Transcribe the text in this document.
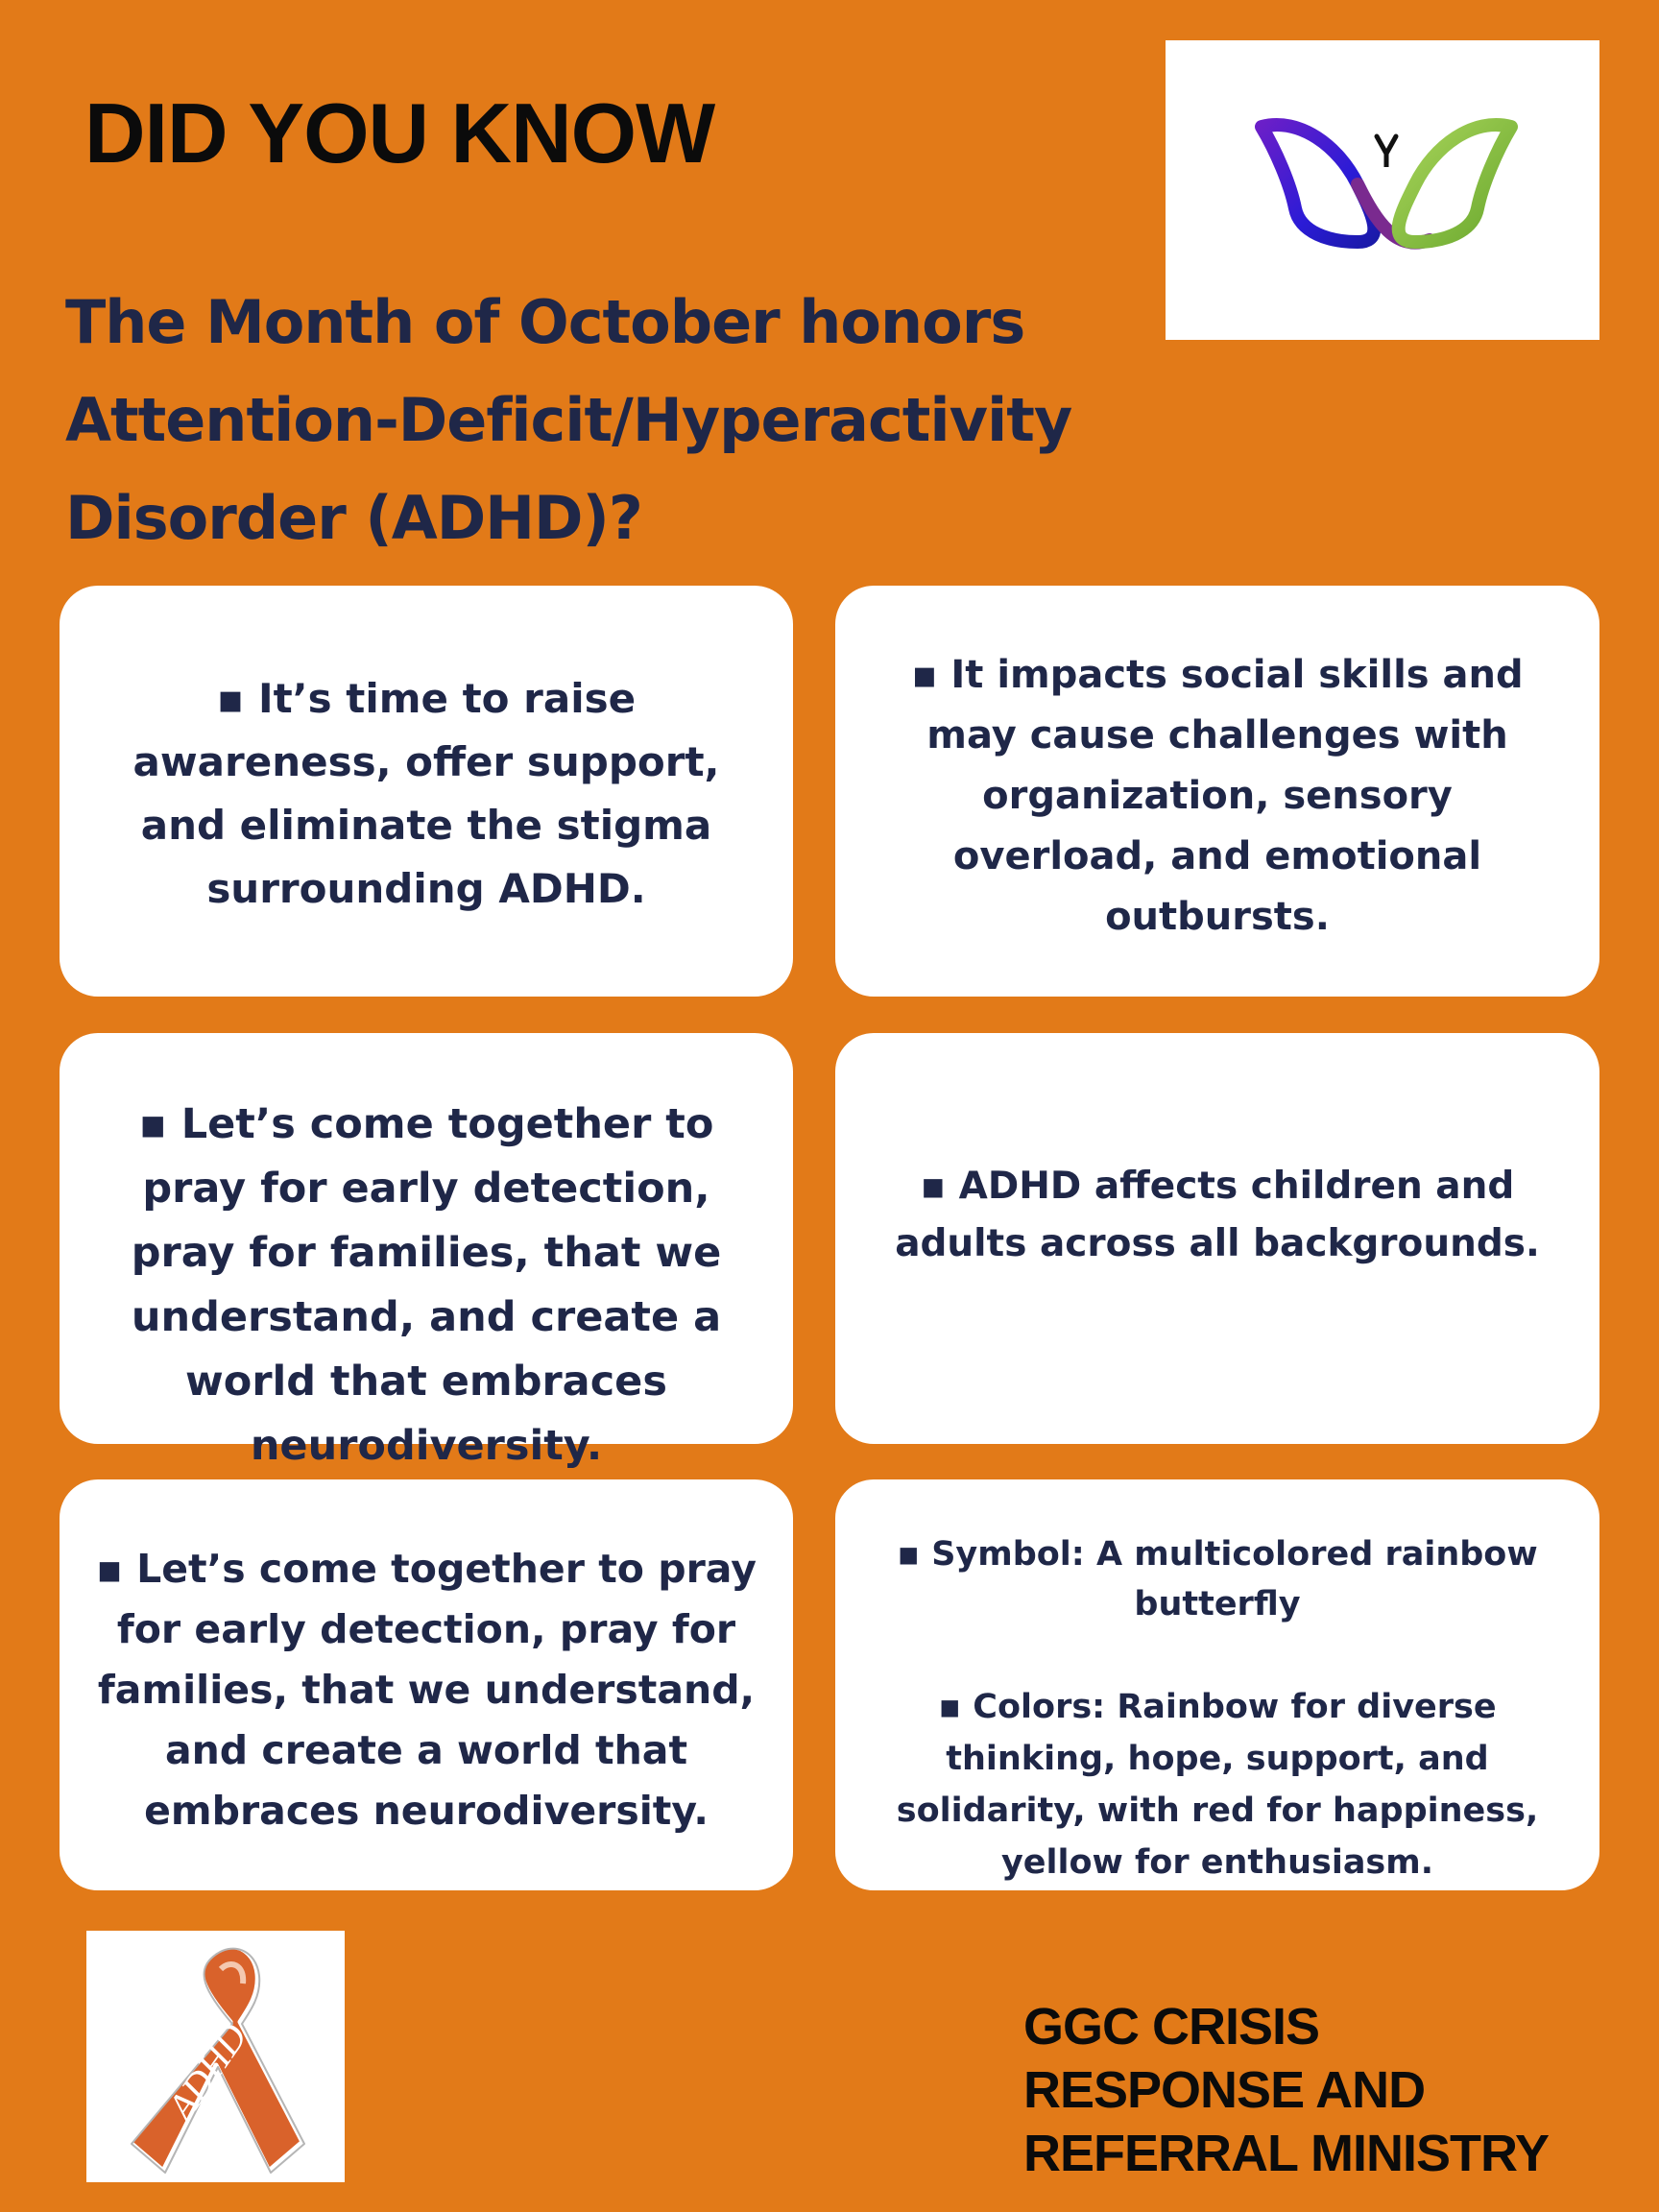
DID YOU KNOW
The Month of October honors Attention-Deficit/Hyperactivity Disorder (ADHD)?

▪ It’s time to raise awareness, offer support, and eliminate the stigma surrounding ADHD.

▪ It impacts social skills and may cause challenges with organization, sensory overload, and emotional outbursts.

▪ Let’s come together to pray for early detection, pray for families, that we understand, and create a world that embraces neurodiversity.

▪ ADHD affects children and adults across all backgrounds.

▪ Let’s come together to pray for early detection, pray for families, that we understand, and create a world that embraces neurodiversity.

▪ Symbol: A multicolored rainbow butterfly

▪ Colors: Rainbow for diverse thinking, hope, support, and solidarity, with red for happiness, yellow for enthusiasm.

ADHD	GGC CRISIS
RESPONSE AND
REFERRAL MINISTRY
